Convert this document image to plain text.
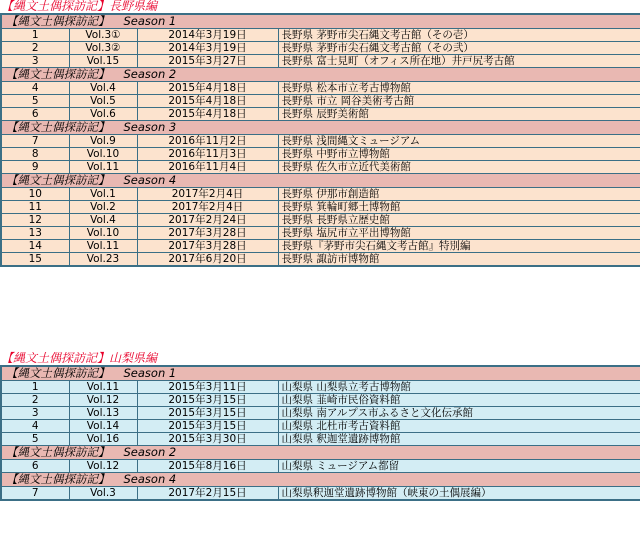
【縄文土偶探訪記】長野県編
【縄文土偶探訪記】 Season 1			
1	Vol.3①	2014年3月19日	長野県 茅野市尖石縄文考古館（その壱）
2	Vol.3②	2014年3月19日	長野県 茅野市尖石縄文考古館（その弐）
3	Vol.15	2015年3月27日	長野県 富士見町（オフィス所在地）井戸尻考古館
【縄文土偶探訪記】 Season 2			
4	Vol.4	2015年4月18日	長野県 松本市立考古博物館
5	Vol.5	2015年4月18日	長野県 市立 岡谷美術考古館
6	Vol.6	2015年4月18日	長野県 辰野美術館
【縄文土偶探訪記】 Season 3			
7	Vol.9	2016年11月2日	長野県 浅間縄文ミュージアム
8	Vol.10	2016年11月3日	長野県 中野市立博物館
9	Vol.11	2016年11月4日	長野県 佐久市立近代美術館
【縄文土偶探訪記】 Season 4			
10	Vol.1	2017年2月4日	長野県 伊那市創造館
11	Vol.2	2017年2月4日	長野県 箕輪町郷土博物館
12	Vol.4	2017年2月24日	長野県 長野県立歴史館
13	Vol.10	2017年3月28日	長野県 塩尻市立平出博物館
14	Vol.11	2017年3月28日	長野県『茅野市尖石縄文考古館』特別編
15	Vol.23	2017年6月20日	長野県 諏訪市博物館
【縄文土偶探訪記】山梨県編
【縄文土偶探訪記】 Season 1			
1	Vol.11	2015年3月11日	山梨県 山梨県立考古博物館
2	Vol.12	2015年3月15日	山梨県 韮崎市民俗資料館
3	Vol.13	2015年3月15日	山梨県 南アルプス市ふるさと文化伝承館
4	Vol.14	2015年3月15日	山梨県 北杜市考古資料館
5	Vol.16	2015年3月30日	山梨県 釈迦堂遺跡博物館
【縄文土偶探訪記】 Season 2			
6	Vol.12	2015年8月16日	山梨県 ミュージアム都留
【縄文土偶探訪記】 Season 4			
7	Vol.3	2017年2月15日	山梨県釈迦堂遺跡博物館（峡東の土偶展編）
